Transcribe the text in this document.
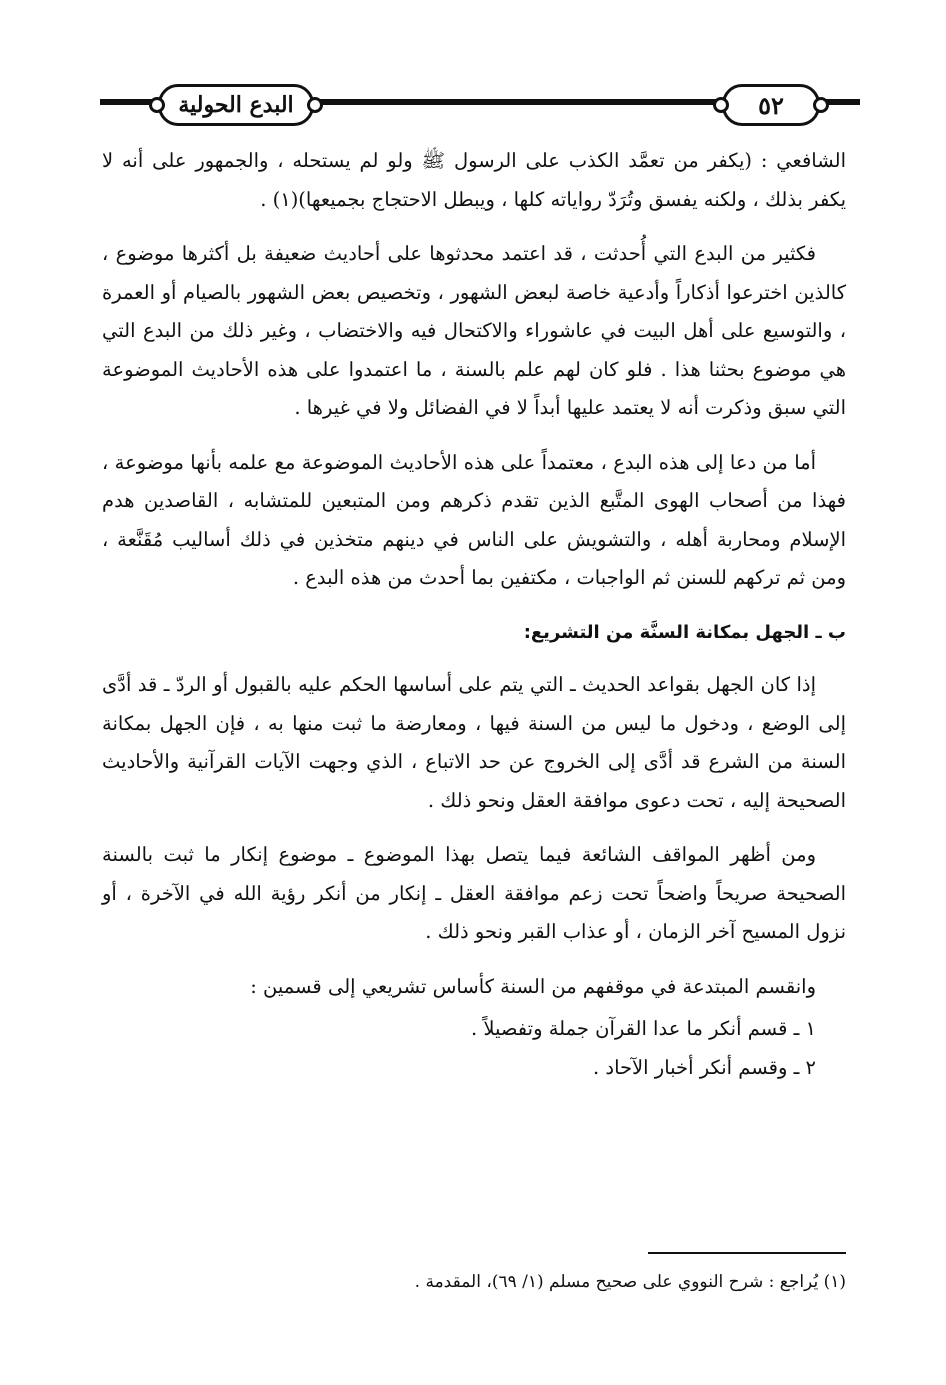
البدع الحولية	٥٢

الشافعي : (يكفر من تعمَّد الكذب على الرسول ﷺ ولو لم يستحله ، والجمهور على أنه لا يكفر بذلك ، ولكنه يفسق وتُرَدّ رواياته كلها ، ويبطل الاحتجاج بجميعها)(١) .

فكثير من البدع التي أُحدثت ، قد اعتمد محدثوها على أحاديث ضعيفة بل أكثرها موضوع ، كالذين اخترعوا أذكاراً وأدعية خاصة لبعض الشهور ، وتخصيص بعض الشهور بالصيام أو العمرة ، والتوسيع على أهل البيت في عاشوراء والاكتحال فيه والاختضاب ، وغير ذلك من البدع التي هي موضوع بحثنا هذا . فلو كان لهم علم بالسنة ، ما اعتمدوا على هذه الأحاديث الموضوعة التي سبق وذكرت أنه لا يعتمد عليها أبداً لا في الفضائل ولا في غيرها .

أما من دعا إلى هذه البدع ، معتمداً على هذه الأحاديث الموضوعة مع علمه بأنها موضوعة ، فهذا من أصحاب الهوى المتَّبع الذين تقدم ذكرهم ومن المتبعين للمتشابه ، القاصدين هدم الإسلام ومحاربة أهله ، والتشويش على الناس في دينهم متخذين في ذلك أساليب مُقَنَّعة ، ومن ثم تركهم للسنن ثم الواجبات ، مكتفين بما أحدث من هذه البدع .

ب ـ الجهل بمكانة السنَّة من التشريع:

إذا كان الجهل بقواعد الحديث ـ التي يتم على أساسها الحكم عليه بالقبول أو الردّ ـ قد أدَّى إلى الوضع ، ودخول ما ليس من السنة فيها ، ومعارضة ما ثبت منها به ، فإن الجهل بمكانة السنة من الشرع قد أدَّى إلى الخروج عن حد الاتباع ، الذي وجهت الآيات القرآنية والأحاديث الصحيحة إليه ، تحت دعوى موافقة العقل ونحو ذلك .

ومن أظهر المواقف الشائعة فيما يتصل بهذا الموضوع ـ موضوع إنكار ما ثبت بالسنة الصحيحة صريحاً واضحاً تحت زعم موافقة العقل ـ إنكار من أنكر رؤية الله في الآخرة ، أو نزول المسيح آخر الزمان ، أو عذاب القبر ونحو ذلك .

وانقسم المبتدعة في موقفهم من السنة كأساس تشريعي إلى قسمين :

١ ـ قسم أنكر ما عدا القرآن جملة وتفصيلاً .
٢ ـ وقسم أنكر أخبار الآحاد .
(١) يُراجع : شرح النووي على صحيح مسلم (١/ ٦٩)، المقدمة .
